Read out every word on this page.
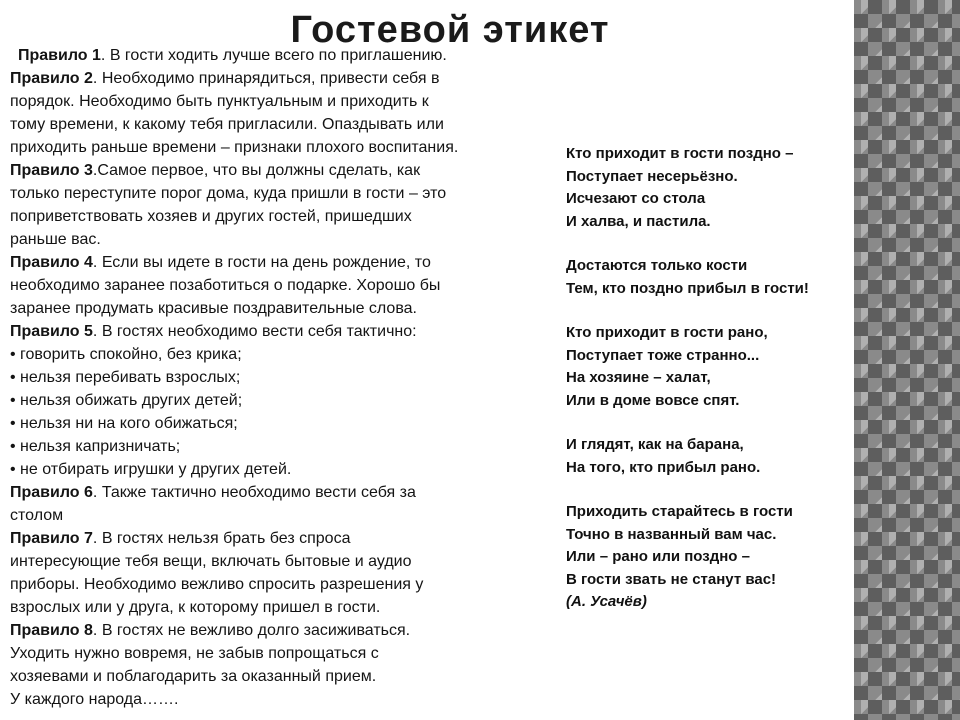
Гостевой этикет
Правило 1. В гости ходить лучше всего по приглашению.
Правило 2. Необходимо принарядиться, привести себя в
порядок. Необходимо быть пунктуальным и приходить к
тому времени, к какому тебя пригласили. Опаздывать или
приходить раньше времени – признаки плохого воспитания.
Правило 3.Самое первое, что вы должны сделать, как
только переступите порог дома, куда пришли в гости – это
поприветствовать хозяев и других гостей, пришедших
раньше вас.
Правило 4. Если вы идете в гости на день рождение, то
необходимо заранее позаботиться о подарке. Хорошо бы
заранее продумать красивые поздравительные слова.
Правило 5. В гостях необходимо вести себя тактично:
• говорить спокойно, без крика;
• нельзя перебивать взрослых;
• нельзя обижать других детей;
• нельзя ни на кого обижаться;
• нельзя капризничать;
• не отбирать игрушки у других детей.
Правило 6. Также тактично необходимо вести себя за
столом
Правило 7. В гостях нельзя брать без спроса
интересующие тебя вещи, включать бытовые и аудио
приборы. Необходимо вежливо спросить разрешения у
взрослых или у друга, к которому пришел в гости.
Правило 8. В гостях не вежливо долго засиживаться.
Уходить нужно вовремя, не забыв попрощаться с
хозяевами и поблагодарить за оказанный прием.
У каждого народа…….
Кто приходит в гости поздно –
Поступает несерьёзно.
Исчезают со стола
И халва, и пастила.
Достаются только кости
Тем, кто поздно прибыл в гости!
Кто приходит в гости рано,
Поступает тоже странно...
На хозяине – халат,
Или в доме вовсе спят.
И глядят, как на барана,
На того, кто прибыл рано.
Приходить старайтесь в гости
Точно в названный вам час.
Или – рано или поздно –
В гости звать не станут вас!
(А. Усачёв)
